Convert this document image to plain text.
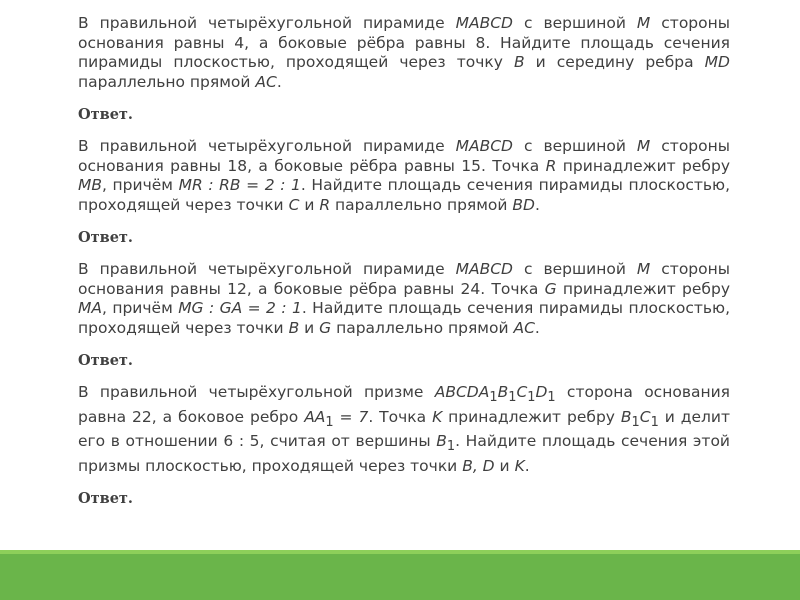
В правильной четырёхугольной пирамиде MABCD с вершиной M стороны основания равны 4, а боковые рёбра равны 8. Найдите площадь сечения пирамиды плоскостью, проходящей через точку B и середину ребра MD параллельно прямой AC.

Ответ.

В правильной четырёхугольной пирамиде MABCD с вершиной M стороны основания равны 18, а боковые рёбра равны 15. Точка R принадлежит ребру MB, причём MR : RB = 2 : 1. Найдите площадь сечения пирамиды плоскостью, проходящей через точки C и R параллельно прямой BD.

Ответ.

В правильной четырёхугольной пирамиде MABCD с вершиной M стороны основания равны 12, а боковые рёбра равны 24. Точка G принадлежит ребру MA, причём MG : GA = 2 : 1. Найдите площадь сечения пирамиды плоскостью, проходящей через точки B и G параллельно прямой AC.

Ответ.

В правильной четырёхугольной призме $ABCDA_1B_1C_1D_1$ сторона основания равна 22, а боковое ребро $AA_1 = 7$. Точка K принадлежит ребру $B_1C_1$ и делит его в отношении 6 : 5, считая от вершины $B_1$. Найдите площадь сечения этой призмы плоскостью, проходящей через точки B, D и K.

Ответ.
